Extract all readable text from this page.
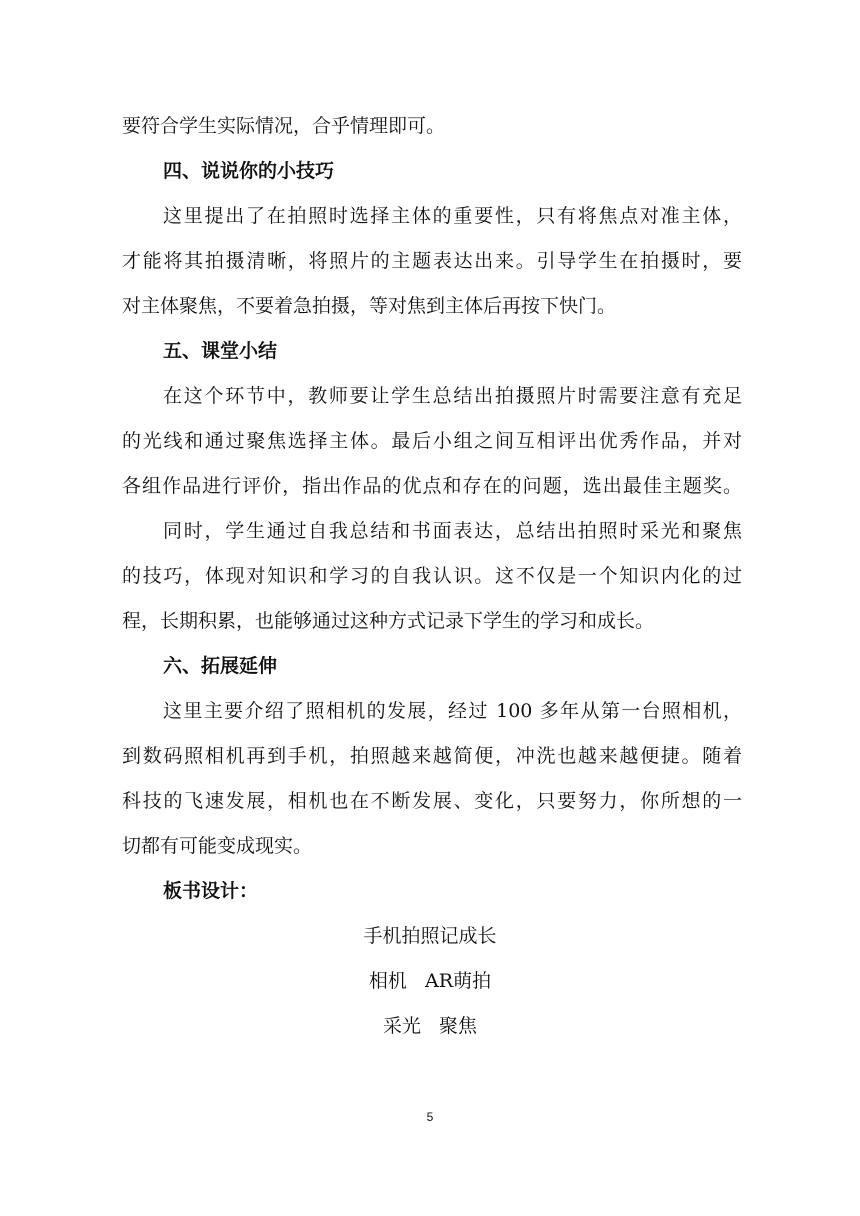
要符合学生实际情况，合乎情理即可。
四、说说你的小技巧
这里提出了在拍照时选择主体的重要性，只有将焦点对准主体，
才能将其拍摄清晰，将照片的主题表达出来。引导学生在拍摄时，要
对主体聚焦，不要着急拍摄，等对焦到主体后再按下快门。
五、课堂小结
在这个环节中，教师要让学生总结出拍摄照片时需要注意有充足
的光线和通过聚焦选择主体。最后小组之间互相评出优秀作品，并对
各组作品进行评价，指出作品的优点和存在的问题，选出最佳主题奖。
同时，学生通过自我总结和书面表达，总结出拍照时采光和聚焦
的技巧，体现对知识和学习的自我认识。这不仅是一个知识内化的过
程，长期积累，也能够通过这种方式记录下学生的学习和成长。
六、拓展延伸
这里主要介绍了照相机的发展，经过 100 多年从第一台照相机，
到数码照相机再到手机，拍照越来越简便，冲洗也越来越便捷。随着
科技的飞速发展，相机也在不断发展、变化，只要努力，你所想的一
切都有可能变成现实。
板书设计：
手机拍照记成长
相机   AR萌拍
采光   聚焦
5
